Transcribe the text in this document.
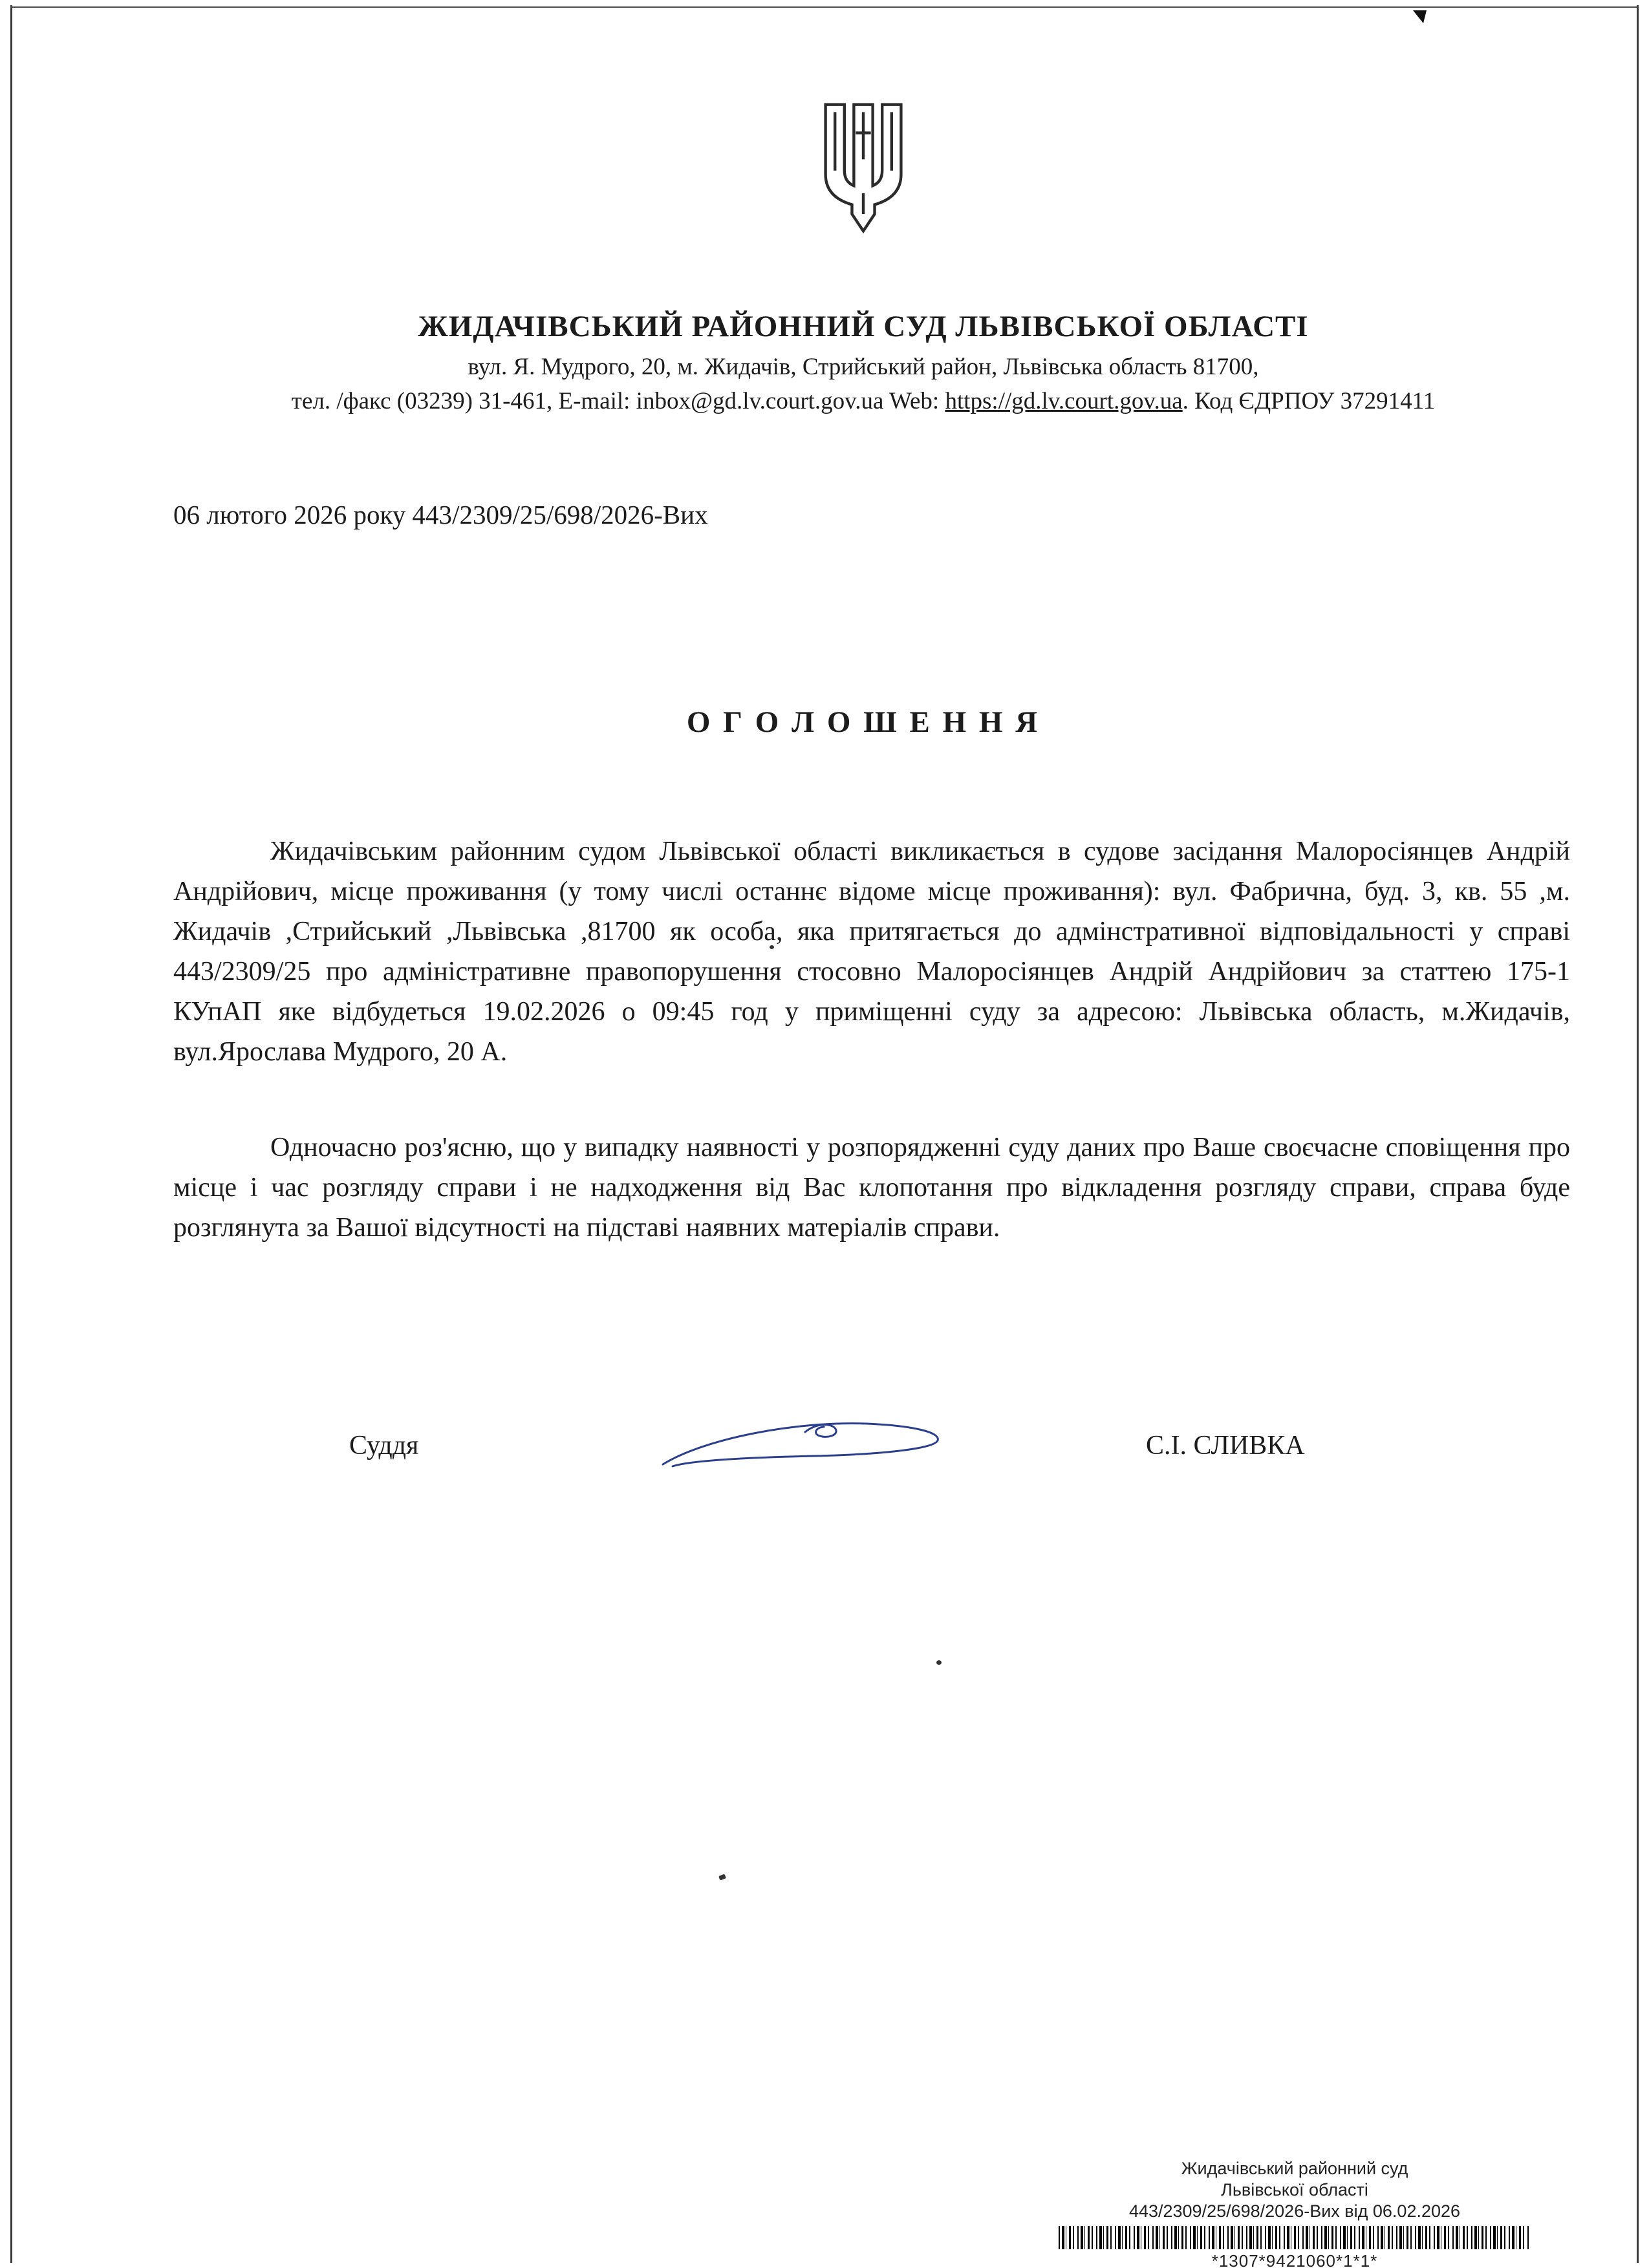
ЖИДАЧІВСЬКИЙ РАЙОННИЙ СУД ЛЬВІВСЬКОЇ ОБЛАСТІ
вул. Я. Мудрого, 20, м. Жидачів, Стрийський район, Львівська область 81700,
тел. /факс (03239) 31-461, E-mail: inbox@gd.lv.court.gov.ua Web: https://gd.lv.court.gov.ua. Код ЄДРПОУ 37291411
06 лютого 2026 року 443/2309/25/698/2026-Вих
О Г О Л О Ш Е Н Н Я
Жидачівським районним судом Львівської області викликається в судове засідання Малоросіянцев Андрій Андрійович, місце проживання (у тому числі останнє відоме місце проживання): вул. Фабрична, буд. 3, кв. 55 ,м. Жидачів ,Стрийський ,Львівська ,81700 як особа, яка притягається до адмінстративної відповідальності у справі 443/2309/25 про адміністративне правопорушення стосовно Малоросіянцев Андрій Андрійович за статтею 175-1 КУпАП яке відбудеться 19.02.2026 о 09:45 год у приміщенні суду за адресою: Львівська область, м.Жидачів, вул.Ярослава Мудрого, 20 А.
Одночасно роз'ясню, що у випадку наявності у розпорядженні суду даних про Ваше своєчасне сповіщення про місце і час розгляду справи і не надходження від Вас клопотання про відкладення розгляду справи, справа буде розглянута за Вашої відсутності на підставі наявних матеріалів справи.
Суддя	С.І. СЛИВКА
Жидачівський районний суд
Львівської області
443/2309/25/698/2026-Вих від 06.02.2026
*1307*9421060*1*1*
